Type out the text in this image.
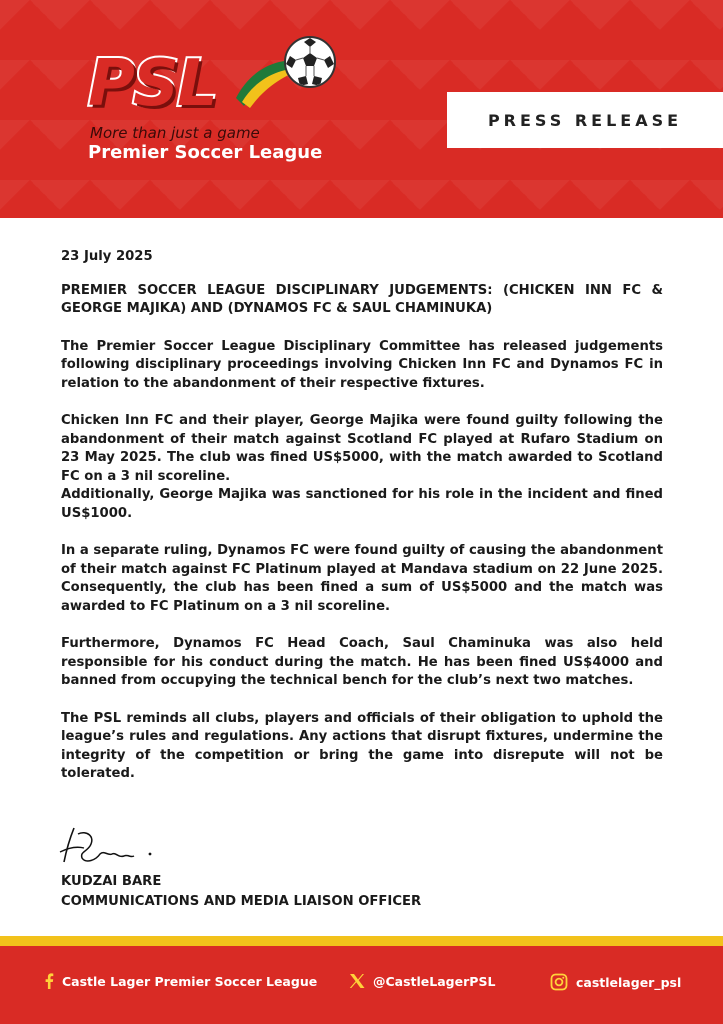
PSL
More than just a game
Premier Soccer League
PRESS RELEASE

23 July 2025

PREMIER SOCCER LEAGUE DISCIPLINARY JUDGEMENTS: (CHICKEN INN FC & GEORGE MAJIKA) AND (DYNAMOS FC & SAUL CHAMINUKA)

The Premier Soccer League Disciplinary Committee has released judgements following disciplinary proceedings involving Chicken Inn FC and Dynamos FC in relation to the abandonment of their respective fixtures.

Chicken Inn FC and their player, George Majika were found guilty following the abandonment of their match against Scotland FC played at Rufaro Stadium on 23 May 2025. The club was fined US$5000, with the match awarded to Scotland FC on a 3 nil scoreline.

Additionally, George Majika was sanctioned for his role in the incident and fined US$1000.

In a separate ruling, Dynamos FC were found guilty of causing the abandonment of their match against FC Platinum played at Mandava stadium on 22 June 2025. Consequently, the club has been fined a sum of US$5000 and the match was awarded to FC Platinum on a 3 nil scoreline.

Furthermore, Dynamos FC Head Coach, Saul Chaminuka was also held responsible for his conduct during the match. He has been fined US$4000 and banned from occupying the technical bench for the club’s next two matches.

The PSL reminds all clubs, players and officials of their obligation to uphold the league’s rules and regulations. Any actions that disrupt fixtures, undermine the integrity of the competition or bring the game into disrepute will not be tolerated.

KUDZAI BARE
COMMUNICATIONS AND MEDIA LIAISON OFFICER
Castle Lager Premier Soccer League	@CastleLagerPSL	castlelager_psl
